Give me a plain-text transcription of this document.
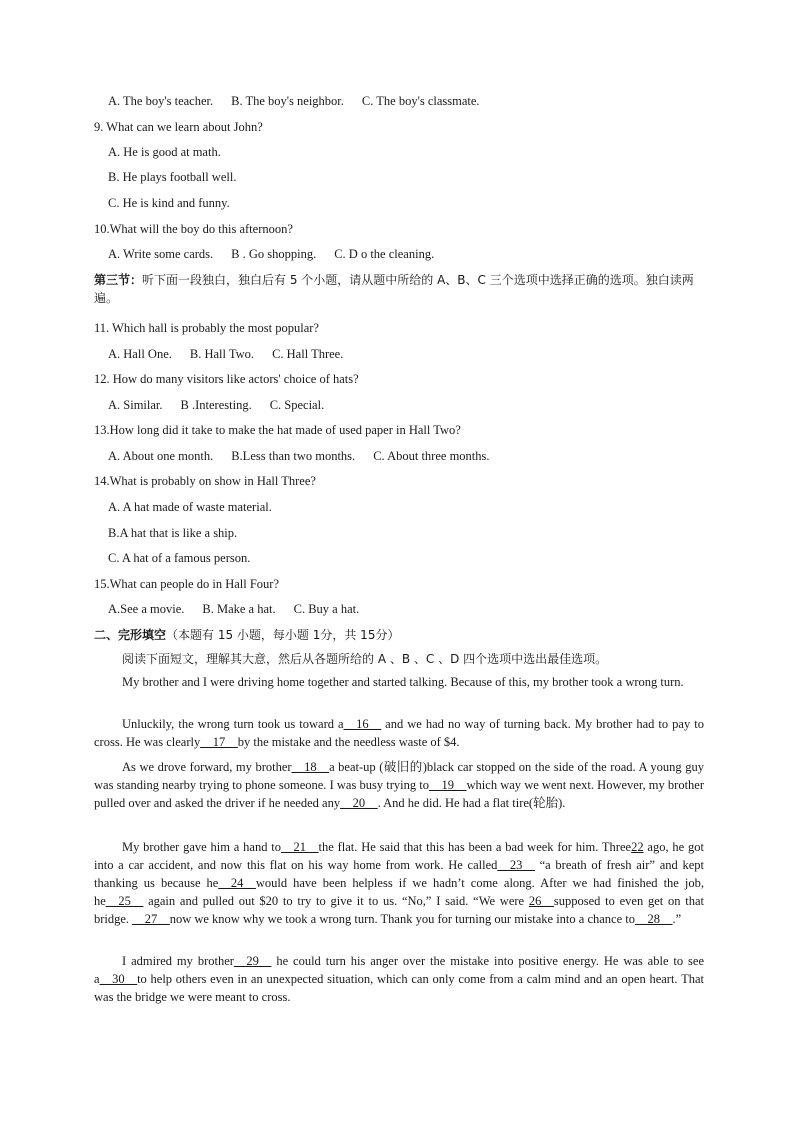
A. The boy's teacher. B. The boy's neighbor. C. The boy's classmate.
9. What can we learn about John?
A. He is good at math.
B. He plays football well.
C. He is kind and funny.
10.What will the boy do this afternoon?
A. Write some cards. B . Go shopping. C. D o the cleaning.
第三节：听下面一段独白，独白后有 5 个小题，请从题中所给的 A、B、C 三个选项中选择正确的选项。独白读两遍。
11. Which hall is probably the most popular?
A. Hall One. B. Hall Two. C. Hall Three.
12. How do many visitors like actors' choice of hats?
A. Similar. B .Interesting. C. Special.
13.How long did it take to make the hat made of used paper in Hall Two?
A. About one month. B.Less than two months. C. About three months.
14.What is probably on show in Hall Three?
A. A hat made of waste material.
B.A hat that is like a ship.
C. A hat of a famous person.
15.What can people do in Hall Four?
A.See a movie. B. Make a hat. C. Buy a hat.
二、完形填空（本题有 15 小题，每小题 1分，共 15分）
阅读下面短文，理解其大意，然后从各题所给的 A 、B 、C 、D 四个选项中选出最佳选项。
My brother and I were driving home together and started talking. Because of this, my brother took a wrong turn.
Unluckily, the wrong turn took us toward a__16__ and we had no way of turning back. My brother had to pay to cross. He was clearly__17__by the mistake and the needless waste of $4.
As we drove forward, my brother__18__a beat-up (破旧的)black car stopped on the side of the road. A young guy was standing nearby trying to phone someone. I was busy trying to__19__which way we went next. However, my brother pulled over and asked the driver if he needed any__20__. And he did. He had a flat tire(轮胎).
My brother gave him a hand to__21__the flat. He said that this has been a bad week for him. Three22 ago, he got into a car accident, and now this flat on his way home from work. He called__23__ “a breath of fresh air” and kept thanking us because he__24__would have been helpless if we hadn’t come along. After we had finished the job, he__25__ again and pulled out $20 to try to give it to us. “No,” I said. “We were 26__supposed to even get on that bridge. __27__now we know why we took a wrong turn. Thank you for turning our mistake into a chance to__28__.”
I admired my brother__29__ he could turn his anger over the mistake into positive energy. He was able to see a__30__to help others even in an unexpected situation, which can only come from a calm mind and an open heart. That was the bridge we were meant to cross.
